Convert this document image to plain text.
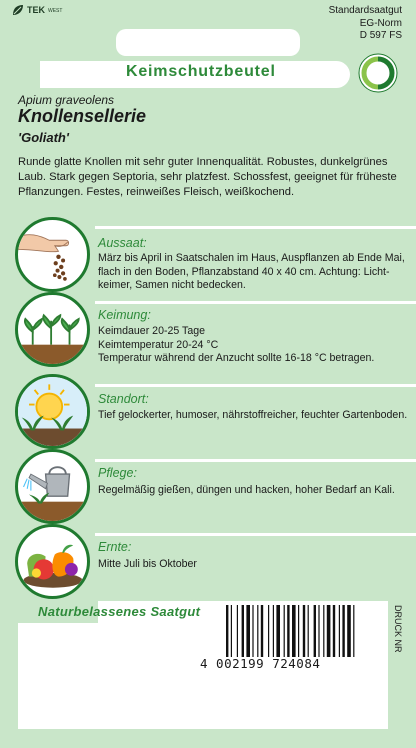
TEK WEST	Standardsaatgut
EG-Norm
D 597 FS
Keimschutzbeutel
Apium graveolens
Knollensellerie
'Goliath'
Runde glatte Knollen mit sehr guter Innenqualität. Robustes, dunkelgrünes Laub. Stark gegen Septoria, sehr platzfest. Schossfest, geeignet für früheste Pflanzungen. Festes, reinweißes Fleisch, weißkochend.
Aussaat:
März bis April in Saatschalen im Haus, Auspflanzen ab Ende Mai,
flach in den Boden, Pflanzabstand 40 x 40 cm. Achtung: Licht-
keimer, Samen nicht bedecken.
Keimung:
Keimdauer 20-25 Tage
Keimtemperatur 20-24 °C
Temperatur während der Anzucht sollte 16-18 °C betragen.
Standort:
Tief gelockerter, humoser, nährstoffreicher, feuchter Gartenboden.
Pflege:
Regelmäßig gießen, düngen und hacken, hoher Bedarf an Kali.
Ernte:
Mitte Juli bis Oktober
Naturbelassenes Saatgut
4 002199 724084
DRUCK NR
